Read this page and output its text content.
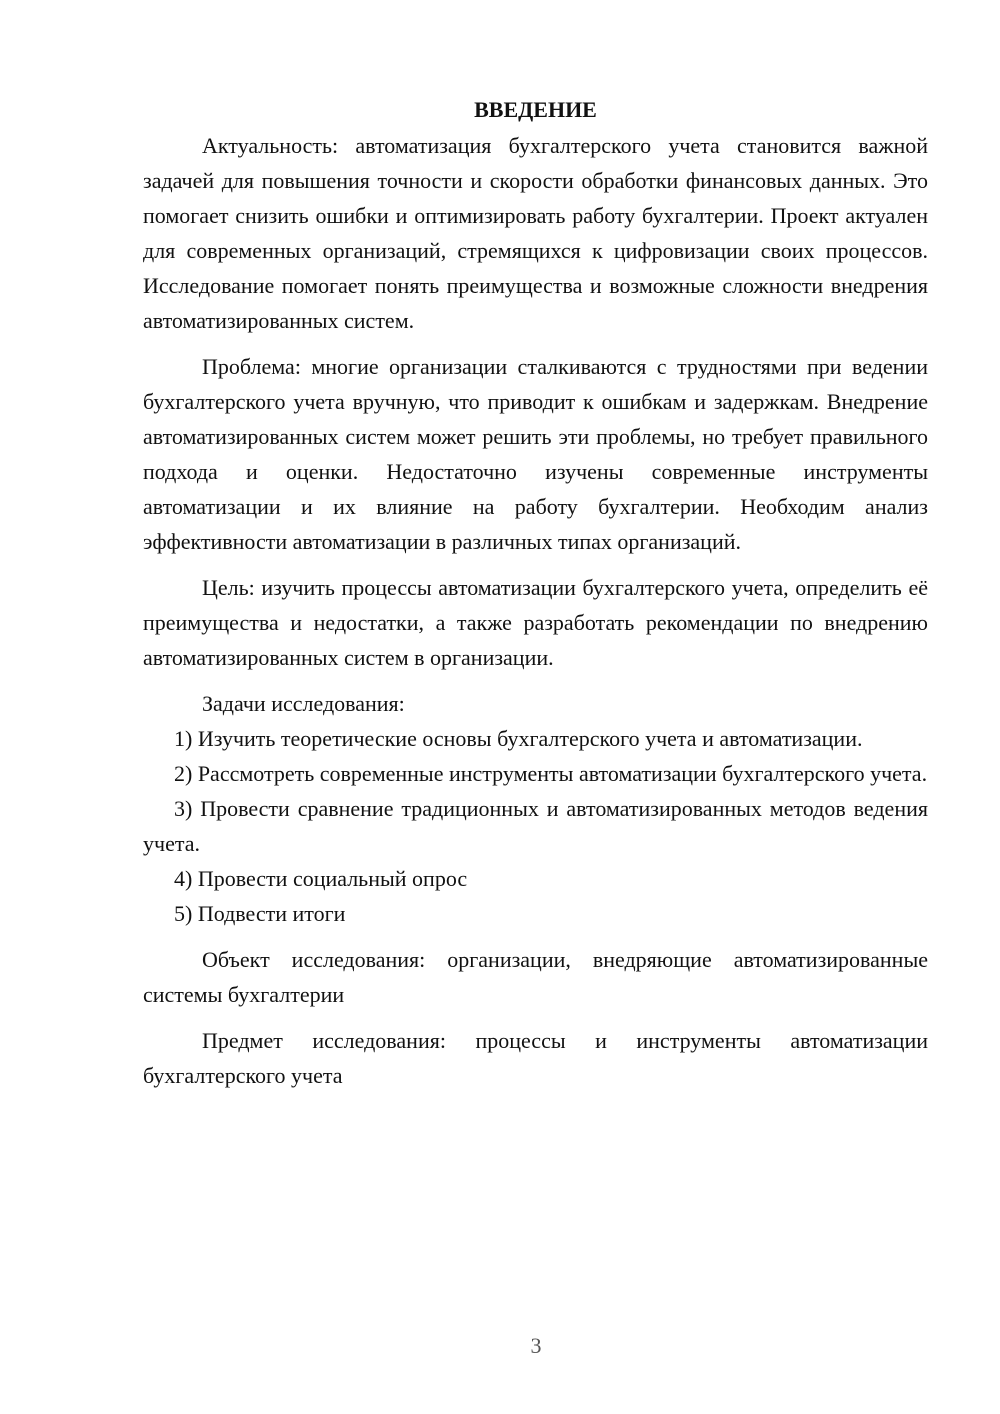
ВВЕДЕНИЕ

Актуальность: автоматизация бухгалтерского учета становится важной задачей для повышения точности и скорости обработки финансовых данных. Это помогает снизить ошибки и оптимизировать работу бухгалтерии. Проект актуален для современных организаций, стремящихся к цифровизации своих процессов. Исследование помогает понять преимущества и возможные сложности внедрения автоматизированных систем.

Проблема: многие организации сталкиваются с трудностями при ведении бухгалтерского учета вручную, что приводит к ошибкам и задержкам. Внедрение автоматизированных систем может решить эти проблемы, но требует правильного подхода и оценки. Недостаточно изучены современные инструменты автоматизации и их влияние на работу бухгалтерии. Необходим анализ эффективности автоматизации в различных типах организаций.

Цель: изучить процессы автоматизации бухгалтерского учета, определить её преимущества и недостатки, а также разработать рекомендации по внедрению автоматизированных систем в организации.

Задачи исследования:

1) Изучить теоретические основы бухгалтерского учета и автоматизации.

2) Рассмотреть современные инструменты автоматизации бухгалтерского учета.

3) Провести сравнение традиционных и автоматизированных методов ведения учета.

4) Провести социальный опрос

5) Подвести итоги

Объект исследования: организации, внедряющие автоматизированные системы бухгалтерии

Предмет исследования: процессы и инструменты автоматизации бухгалтерского учета

3
